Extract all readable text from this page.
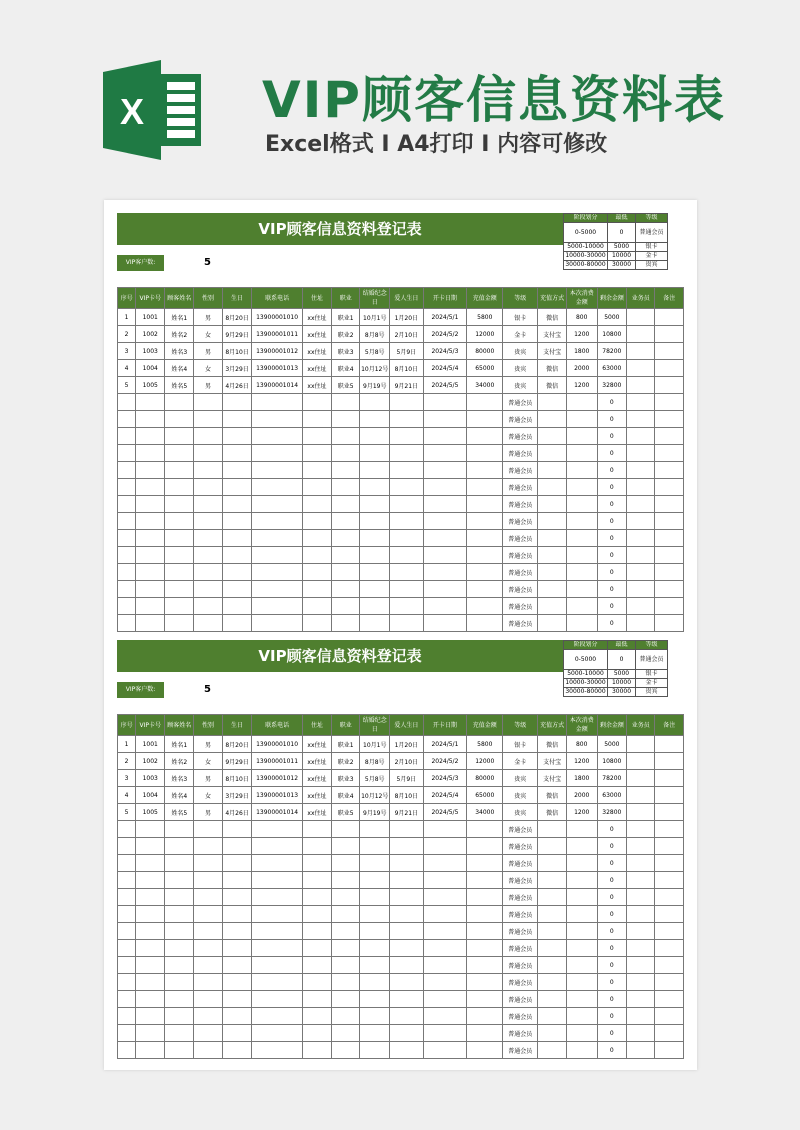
X VIP顾客信息资料表
Excel格式 I A4打印 I 内容可修改
VIP顾客信息资料登记表
阶段划分	最低	等级
0-5000	0	普通会员
5000-10000	5000	银卡
10000-30000	10000	金卡
30000-80000	30000	贵宾
VIP客户数:	5
序号	VIP卡号	顾客姓名	性别	生日	联系电话	住址	职业	结婚纪念日	爱人生日	开卡日期	充值金额	等级	充值方式	本次消费金额	剩余金额	业务员	备注
1	1001	姓名1	男	8月20日	13900001010	xx住址	职业1	10月1号	1月20日	2024/5/1	5800	银卡	微信	800	5000		
2	1002	姓名2	女	9月29日	13900001011	xx住址	职业2	8月8号	2月10日	2024/5/2	12000	金卡	支付宝	1200	10800		
3	1003	姓名3	男	8月10日	13900001012	xx住址	职业3	5月8号	5月9日	2024/5/3	80000	贵宾	支付宝	1800	78200		
4	1004	姓名4	女	3月29日	13900001013	xx住址	职业4	10月12号	8月10日	2024/5/4	65000	贵宾	微信	2000	63000		
5	1005	姓名5	男	4月26日	13900001014	xx住址	职业5	9月19号	9月21日	2024/5/5	34000	贵宾	微信	1200	32800		
												普通会员			0		
												普通会员			0		
												普通会员			0		
												普通会员			0		
												普通会员			0		
												普通会员			0		
												普通会员			0		
												普通会员			0		
												普通会员			0		
												普通会员			0		
												普通会员			0		
												普通会员			0		
												普通会员			0		
												普通会员			0		
VIP顾客信息资料登记表
阶段划分	最低	等级
0-5000	0	普通会员
5000-10000	5000	银卡
10000-30000	10000	金卡
30000-80000	30000	贵宾
VIP客户数:	5
序号	VIP卡号	顾客姓名	性别	生日	联系电话	住址	职业	结婚纪念日	爱人生日	开卡日期	充值金额	等级	充值方式	本次消费金额	剩余金额	业务员	备注
1	1001	姓名1	男	8月20日	13900001010	xx住址	职业1	10月1号	1月20日	2024/5/1	5800	银卡	微信	800	5000		
2	1002	姓名2	女	9月29日	13900001011	xx住址	职业2	8月8号	2月10日	2024/5/2	12000	金卡	支付宝	1200	10800		
3	1003	姓名3	男	8月10日	13900001012	xx住址	职业3	5月8号	5月9日	2024/5/3	80000	贵宾	支付宝	1800	78200		
4	1004	姓名4	女	3月29日	13900001013	xx住址	职业4	10月12号	8月10日	2024/5/4	65000	贵宾	微信	2000	63000		
5	1005	姓名5	男	4月26日	13900001014	xx住址	职业5	9月19号	9月21日	2024/5/5	34000	贵宾	微信	1200	32800		
												普通会员			0		
												普通会员			0		
												普通会员			0		
												普通会员			0		
												普通会员			0		
												普通会员			0		
												普通会员			0		
												普通会员			0		
												普通会员			0		
												普通会员			0		
												普通会员			0		
												普通会员			0		
												普通会员			0		
												普通会员			0		
